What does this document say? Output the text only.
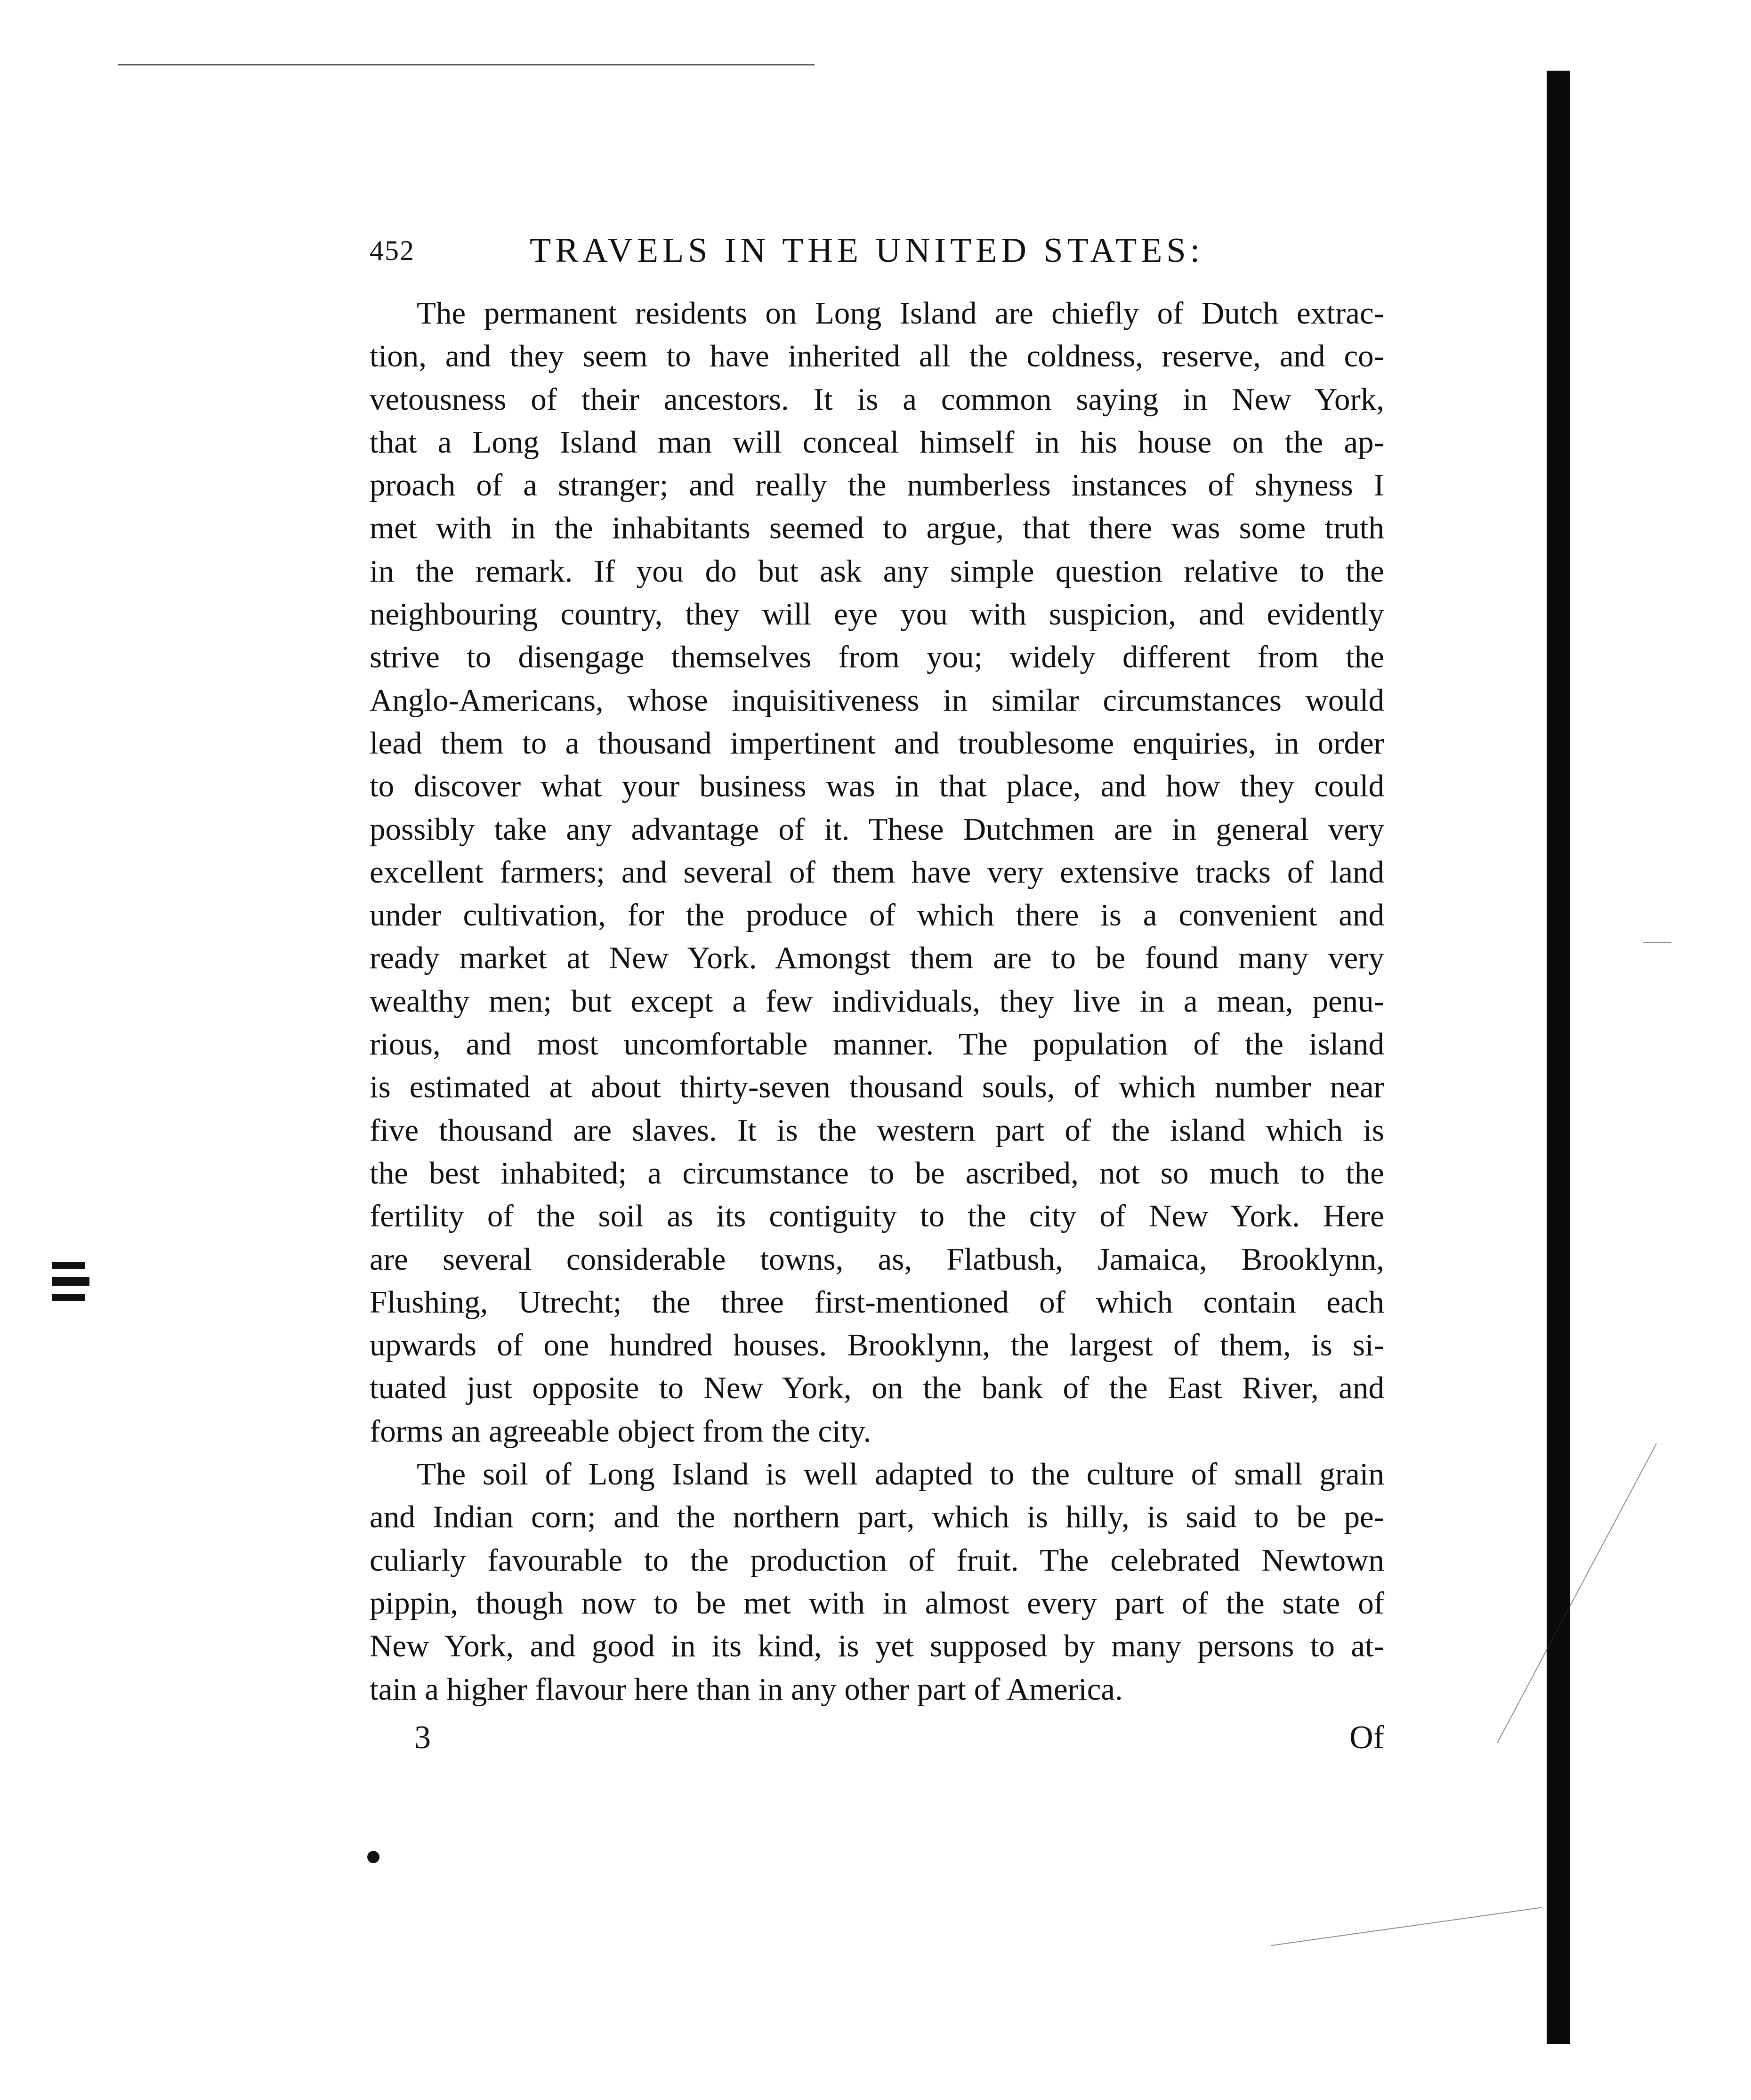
452	TRAVELS IN THE UNITED STATES:
The permanent residents on Long Island are chiefly of Dutch extrac-
tion, and they seem to have inherited all the coldness, reserve, and co-
vetousness of their ancestors. It is a common saying in New York,
that a Long Island man will conceal himself in his house on the ap-
proach of a stranger; and really the numberless instances of shyness I
met with in the inhabitants seemed to argue, that there was some truth
in the remark. If you do but ask any simple question relative to the
neighbouring country, they will eye you with suspicion, and evidently
strive to disengage themselves from you; widely different from the
Anglo-Americans, whose inquisitiveness in similar circumstances would
lead them to a thousand impertinent and troublesome enquiries, in order
to discover what your business was in that place, and how they could
possibly take any advantage of it. These Dutchmen are in general very
excellent farmers; and several of them have very extensive tracks of land
under cultivation, for the produce of which there is a convenient and
ready market at New York. Amongst them are to be found many very
wealthy men; but except a few individuals, they live in a mean, penu-
rious, and most uncomfortable manner. The population of the island
is estimated at about thirty-seven thousand souls, of which number near
five thousand are slaves. It is the western part of the island which is
the best inhabited; a circumstance to be ascribed, not so much to the
fertility of the soil as its contiguity to the city of New York. Here
are several considerable towns, as, Flatbush, Jamaica, Brooklynn,
Flushing, Utrecht; the three first-mentioned of which contain each
upwards of one hundred houses. Brooklynn, the largest of them, is si-
tuated just opposite to New York, on the bank of the East River, and
forms an agreeable object from the city.
The soil of Long Island is well adapted to the culture of small grain
and Indian corn; and the northern part, which is hilly, is said to be pe-
culiarly favourable to the production of fruit. The celebrated Newtown
pippin, though now to be met with in almost every part of the state of
New York, and good in its kind, is yet supposed by many persons to at-
tain a higher flavour here than in any other part of America.
3	Of
